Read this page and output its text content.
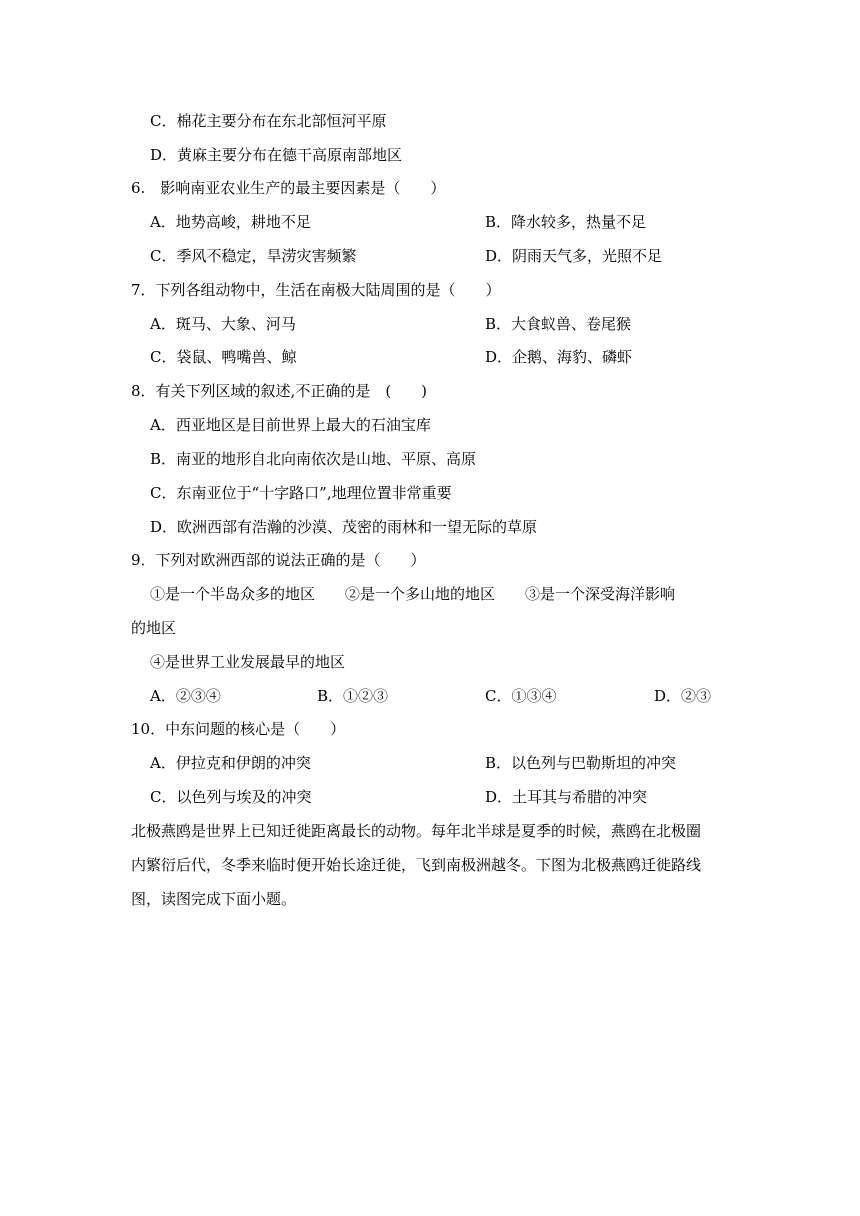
C．棉花主要分布在东北部恒河平原
D．黄麻主要分布在德干高原南部地区
6.　影响南亚农业生产的最主要因素是（　　）
A．地势高峻，耕地不足	B．降水较多，热量不足
C．季风不稳定，旱涝灾害频繁	D．阴雨天气多，光照不足
7．下列各组动物中，生活在南极大陆周围的是（　　）
A．斑马、大象、河马	B．大食蚁兽、卷尾猴
C．袋鼠、鸭嘴兽、鲸	D．企鹅、海豹、磷虾
8．有关下列区域的叙述,不正确的是　(　　)
A．西亚地区是目前世界上最大的石油宝库
B．南亚的地形自北向南依次是山地、平原、高原
C．东南亚位于“十字路口”,地理位置非常重要
D．欧洲西部有浩瀚的沙漠、茂密的雨林和一望无际的草原
9．下列对欧洲西部的说法正确的是（　　）
①是一个半岛众多的地区　　②是一个多山地的地区　　③是一个深受海洋影响
的地区
④是世界工业发展最早的地区
A．②③④	B．①②③	C．①③④	D．②③
10．中东问题的核心是（　　）
A．伊拉克和伊朗的冲突	B．以色列与巴勒斯坦的冲突
C．以色列与埃及的冲突	D．土耳其与希腊的冲突
北极燕鸥是世界上已知迁徙距离最长的动物。每年北半球是夏季的时候，燕鸥在北极圈
内繁衍后代，冬季来临时便开始长途迁徙，飞到南极洲越冬。下图为北极燕鸥迁徙路线
图，读图完成下面小题。
